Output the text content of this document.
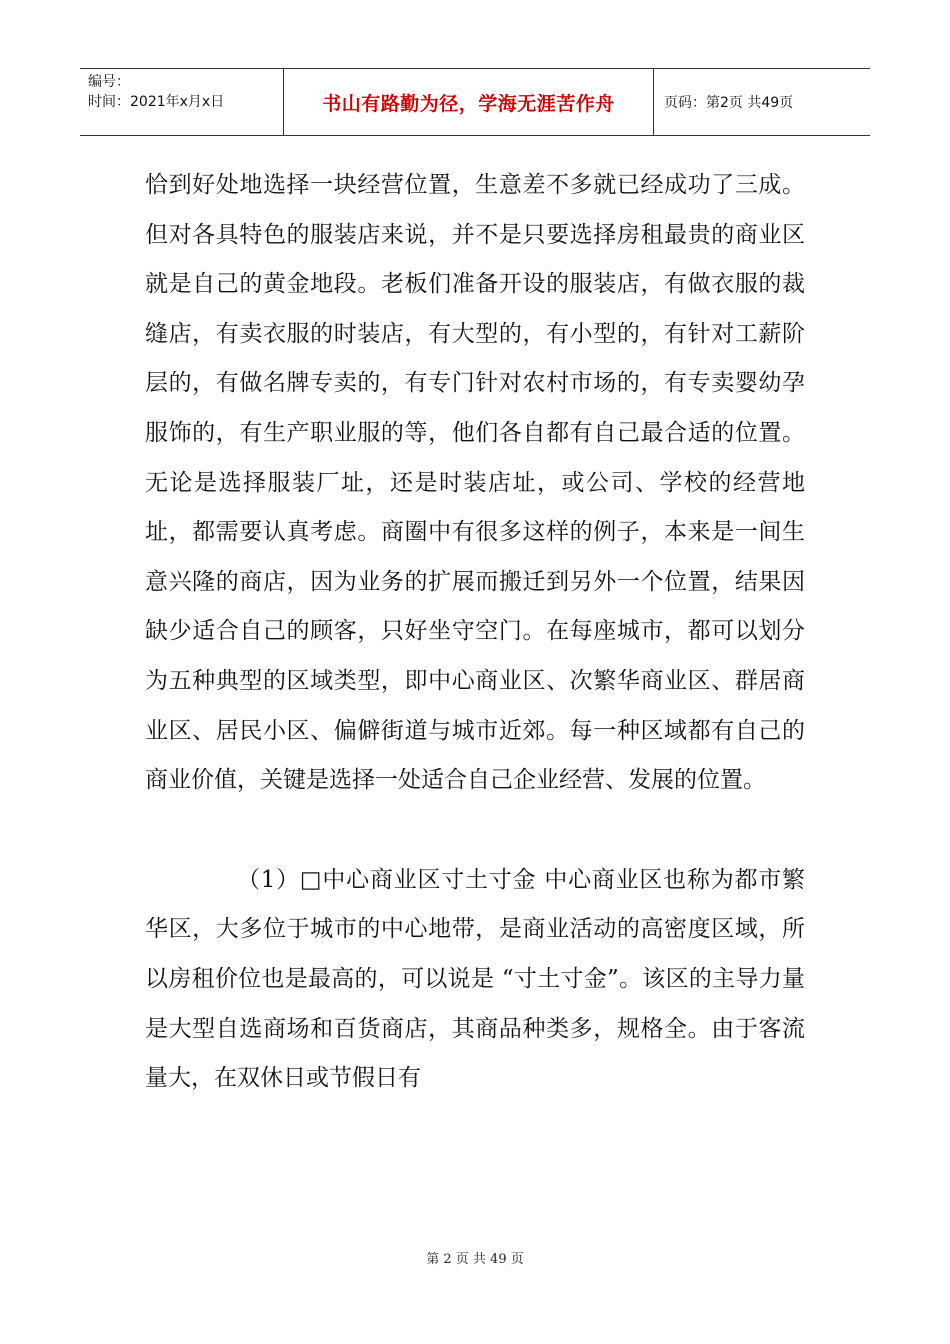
编号：
时间：2021年x月x日	书山有路勤为径，学海无涯苦作舟	页码：第2页 共49页

恰到好处地选择一块经营位置，生意差不多就已经成功了三成。但对各具特色的服装店来说，并不是只要选择房租最贵的商业区就是自己的黄金地段。老板们准备开设的服装店，有做衣服的裁缝店，有卖衣服的时装店，有大型的，有小型的，有针对工薪阶层的，有做名牌专卖的，有专门针对农村市场的，有专卖婴幼孕服饰的，有生产职业服的等，他们各自都有自己最合适的位置。无论是选择服装厂址，还是时装店址，或公司、学校的经营地址，都需要认真考虑。商圈中有很多这样的例子，本来是一间生意兴隆的商店，因为业务的扩展而搬迁到另外一个位置，结果因缺少适合自己的顾客，只好坐守空门。在每座城市，都可以划分为五种典型的区域类型，即中心商业区、次繁华商业区、群居商业区、居民小区、偏僻街道与城市近郊。每一种区域都有自己的商业价值，关键是选择一处适合自己企业经营、发展的位置。

（1）□中心商业区寸土寸金 中心商业区也称为都市繁华区，大多位于城市的中心地带，是商业活动的高密度区域，所以房租价位也是最高的，可以说是 “寸土寸金”。该区的主导力量是大型自选商场和百货商店，其商品种类多，规格全。由于客流量大，在双休日或节假日有

第 2 页 共 49 页
